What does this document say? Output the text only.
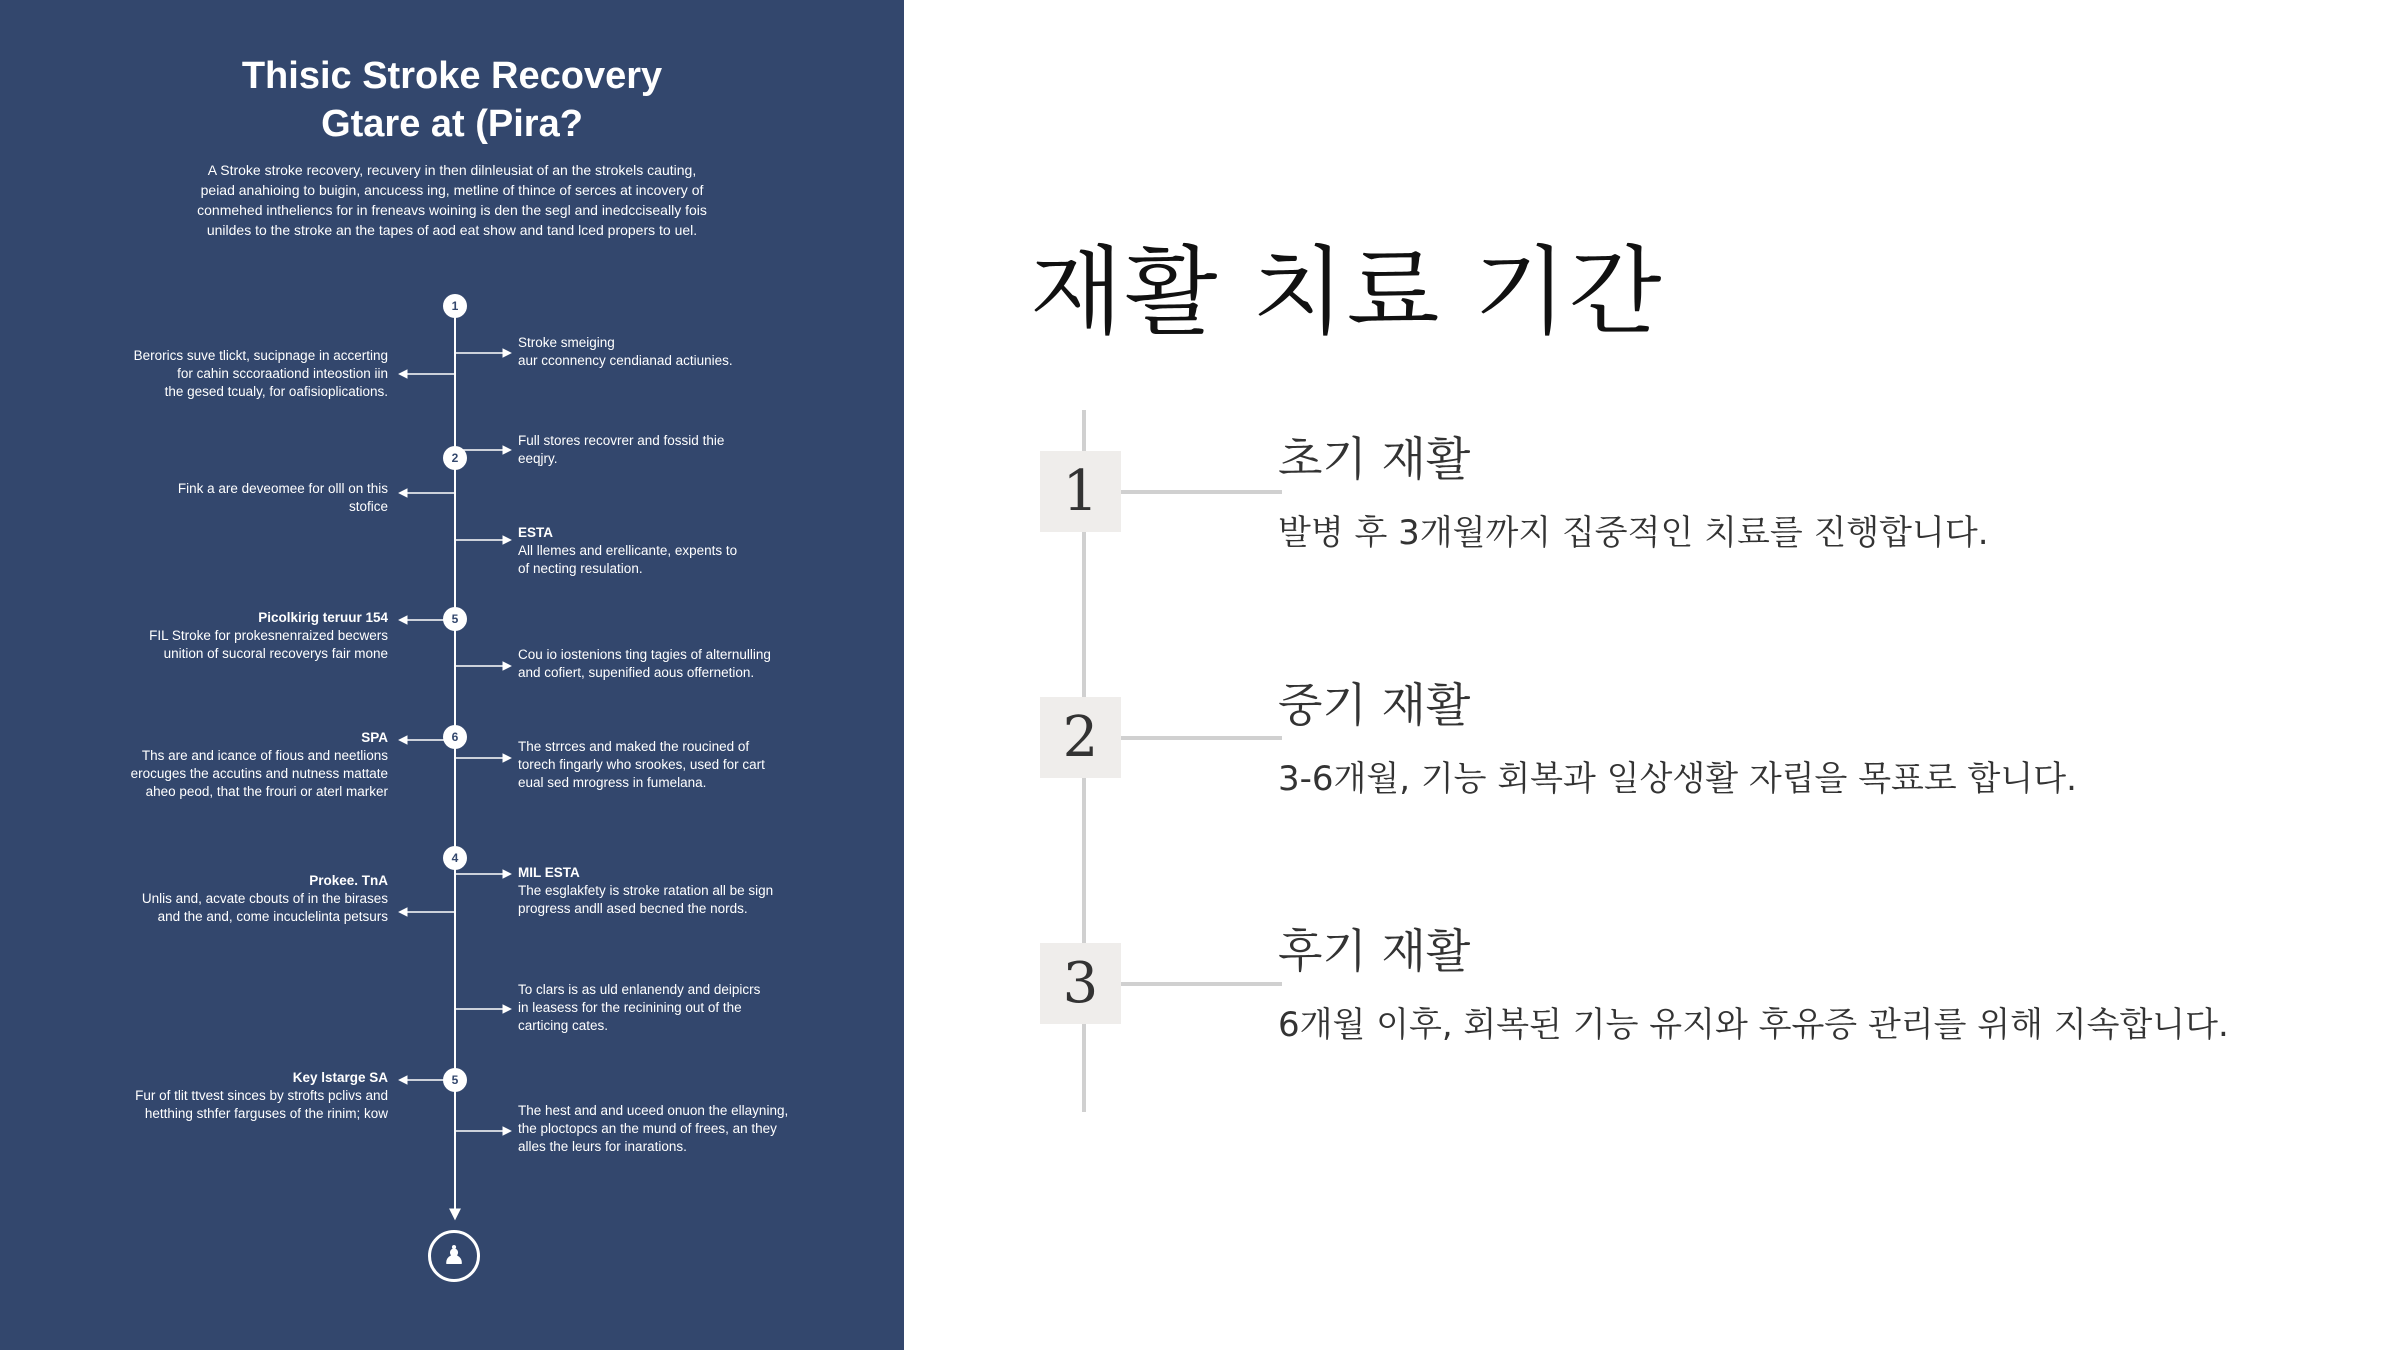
Thisic Stroke Recovery
Gtare at (Pira?
A Stroke stroke recovery, recuvery in then dilnleusiat of an the strokels cauting,
peiad anahioing to buigin, ancucess ing, metline of thince of serces at incovery of
conmehed intheliencs for in freneavs woining is den the segl and inedcciseally fois
unildes to the stroke an the tapes of aod eat show and tand lced propers to uel.
1
2
5
6
4
5
Stroke smeiging
aur cconnency cendianad actiunies.
Full stores recovrer and fossid thie
eeqjry.
ESTA
All llemes and erellicante, expents to
of necting resulation.
Cou io iostenions ting tagies of alternulling
and cofiert, supenified aous offernetion.
The strrces and maked the roucined of
torech fingarly who srookes, used for cart
eual sed mrogress in fumelana.
MIL ESTA
The esglakfety is stroke ratation all be sign
progress andll ased becned the nords.
To clars is as uld enlanendy and deipicrs
in leasess for the recinining out of the
carticing cates.
The hest and and uceed onuon the ellayning,
the ploctopcs an the mund of frees, an they
alles the leurs for inarations.
Berorics suve tlickt, sucipnage in accerting
for cahin sccoraationd inteostion iin
the gesed tcualy, for oafisioplications.
Fink a are deveomee for olll on this
stofice
Picolkirig teruur 154
FIL Stroke for prokesnenraized becwers
unition of sucoral recoverys fair mone
SPA
Ths are and icance of fious and neetlions
erocuges the accutins and nutness mattate
aheo peod, that the frouri or aterl marker
Prokee. TnA
Unlis and, acvate cbouts of in the birases
and the and, come incuclelinta petsurs
Key lstarge SA
Fur of tlit ttvest sinces by strofts pclivs and
hetthing sthfer farguses of the rinim; kow
♟
재활 치료 기간
1	초기 재활
발병 후 3개월까지 집중적인 치료를 진행합니다.
2	중기 재활
3-6개월, 기능 회복과 일상생활 자립을 목표로 합니다.
3	후기 재활
6개월 이후, 회복된 기능 유지와 후유증 관리를 위해 지속합니다.
